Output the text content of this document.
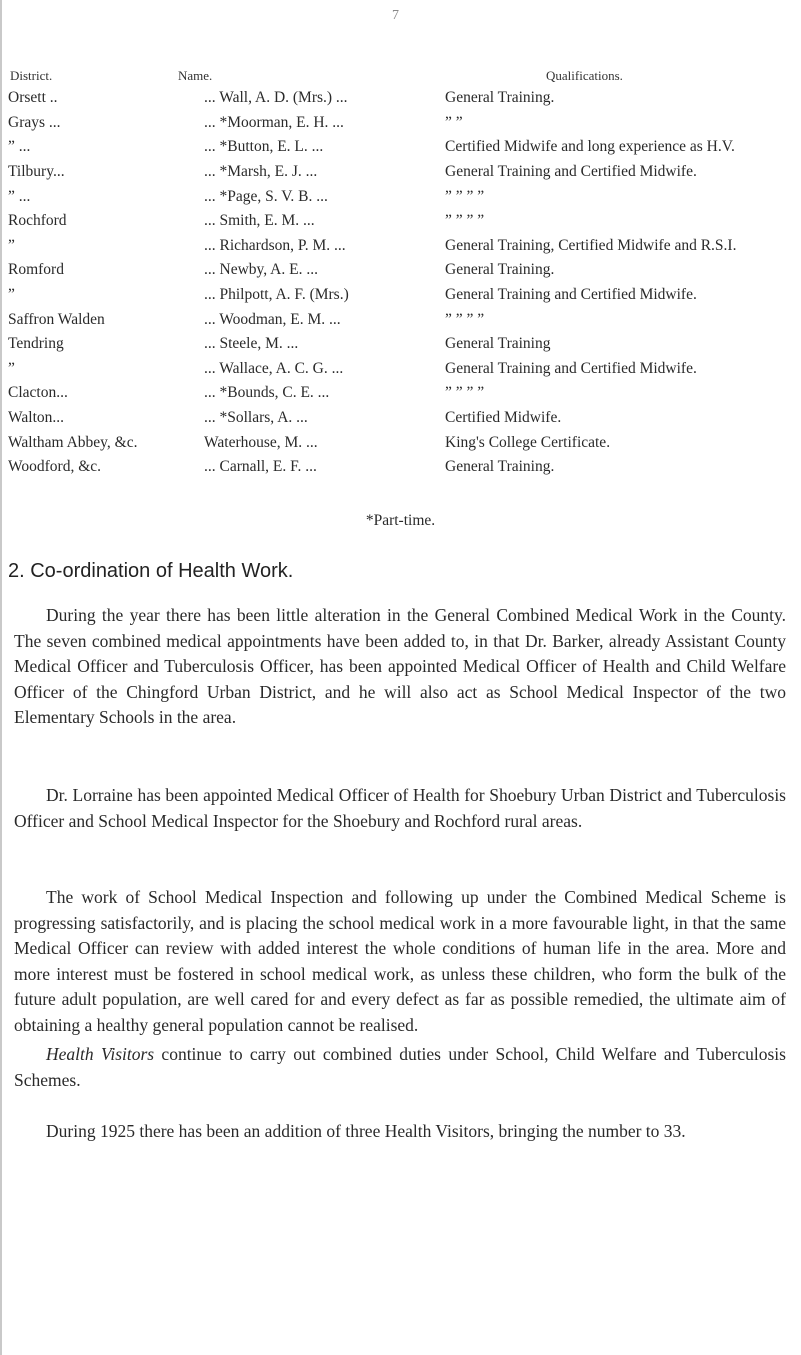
7
District.	Name.	Qualifications.
Orsett ..	... Wall, A. D. (Mrs.) ...	General Training.
Grays ...	... *Moorman, E. H. ...	” ”
” ...	... *Button, E. L. ...	Certified Midwife and long experience as H.V.
Tilbury...	... *Marsh, E. J. ...	General Training and Certified Midwife.
” ...	... *Page, S. V. B. ...	” ” ” ”
Rochford	... Smith, E. M. ...	” ” ” ”
”	... Richardson, P. M. ...	General Training, Certified Midwife and R.S.I.
Romford	... Newby, A. E. ...	General Training.
”	... Philpott, A. F. (Mrs.)	General Training and Certified Midwife.
Saffron Walden	... Woodman, E. M. ...	” ” ” ”
Tendring	... Steele, M. ...	General Training
”	... Wallace, A. C. G. ...	General Training and Certified Midwife.
Clacton...	... *Bounds, C. E. ...	” ” ” ”
Walton...	... *Sollars, A. ...	Certified Midwife.
Waltham Abbey, &c.	Waterhouse, M. ...	King's College Certificate.
Woodford, &c.	... Carnall, E. F. ...	General Training.
*Part-time.
2. Co-ordination of Health Work.

During the year there has been little alteration in the General Combined Medical Work in the County. The seven combined medical appointments have been added to, in that Dr. Barker, already Assistant County Medical Officer and Tuberculosis Officer, has been appointed Medical Officer of Health and Child Welfare Officer of the Chingford Urban District, and he will also act as School Medical Inspector of the two Elementary Schools in the area.

Dr. Lorraine has been appointed Medical Officer of Health for Shoebury Urban District and Tuberculosis Officer and School Medical Inspector for the Shoebury and Rochford rural areas.

The work of School Medical Inspection and following up under the Combined Medical Scheme is progressing satisfactorily, and is placing the school medical work in a more favourable light, in that the same Medical Officer can review with added interest the whole conditions of human life in the area. More and more interest must be fostered in school medical work, as unless these children, who form the bulk of the future adult population, are well cared for and every defect as far as possible remedied, the ultimate aim of obtaining a healthy general population cannot be realised.

Health Visitors continue to carry out combined duties under School, Child Welfare and Tuberculosis Schemes.

During 1925 there has been an addition of three Health Visitors, bringing the number to 33.
